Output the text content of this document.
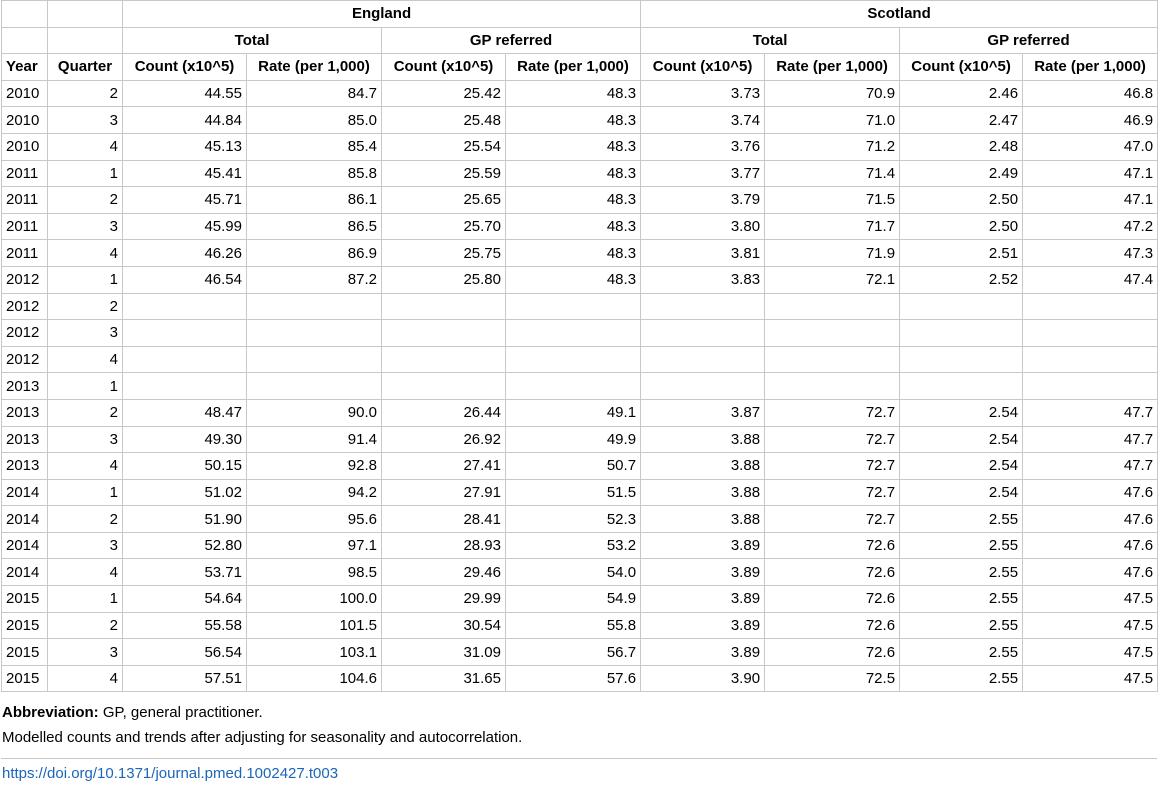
		England				Scotland			
		Total		GP referred		Total		GP referred	
Year	Quarter	Count (x10^5)	Rate (per 1,000)	Count (x10^5)	Rate (per 1,000)	Count (x10^5)	Rate (per 1,000)	Count (x10^5)	Rate (per 1,000)
2010	2	44.55	84.7	25.42	48.3	3.73	70.9	2.46	46.8
2010	3	44.84	85.0	25.48	48.3	3.74	71.0	2.47	46.9
2010	4	45.13	85.4	25.54	48.3	3.76	71.2	2.48	47.0
2011	1	45.41	85.8	25.59	48.3	3.77	71.4	2.49	47.1
2011	2	45.71	86.1	25.65	48.3	3.79	71.5	2.50	47.1
2011	3	45.99	86.5	25.70	48.3	3.80	71.7	2.50	47.2
2011	4	46.26	86.9	25.75	48.3	3.81	71.9	2.51	47.3
2012	1	46.54	87.2	25.80	48.3	3.83	72.1	2.52	47.4
2012	2								
2012	3								
2012	4								
2013	1								
2013	2	48.47	90.0	26.44	49.1	3.87	72.7	2.54	47.7
2013	3	49.30	91.4	26.92	49.9	3.88	72.7	2.54	47.7
2013	4	50.15	92.8	27.41	50.7	3.88	72.7	2.54	47.7
2014	1	51.02	94.2	27.91	51.5	3.88	72.7	2.54	47.6
2014	2	51.90	95.6	28.41	52.3	3.88	72.7	2.55	47.6
2014	3	52.80	97.1	28.93	53.2	3.89	72.6	2.55	47.6
2014	4	53.71	98.5	29.46	54.0	3.89	72.6	2.55	47.6
2015	1	54.64	100.0	29.99	54.9	3.89	72.6	2.55	47.5
2015	2	55.58	101.5	30.54	55.8	3.89	72.6	2.55	47.5
2015	3	56.54	103.1	31.09	56.7	3.89	72.6	2.55	47.5
2015	4	57.51	104.6	31.65	57.6	3.90	72.5	2.55	47.5
Abbreviation: GP, general practitioner.
Modelled counts and trends after adjusting for seasonality and autocorrelation.
https://doi.org/10.1371/journal.pmed.1002427.t003
